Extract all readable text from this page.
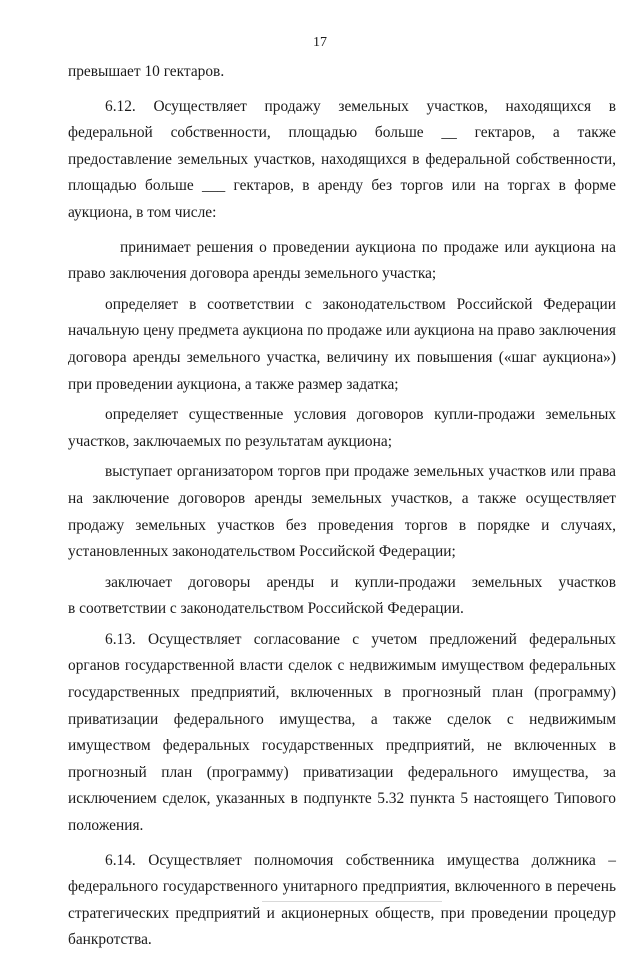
17

превышает 10 гектаров.

6.12. Осуществляет продажу земельных участков, находящихся в федеральной собственности, площадью больше __ гектаров, а также предоставление земельных участков, находящихся в федеральной собственности, площадью больше ___ гектаров, в аренду без торгов или на торгах в форме аукциона, в том числе:

принимает решения о проведении аукциона по продаже или аукциона на право заключения договора аренды земельного участка;

определяет в соответствии с законодательством Российской Федерации начальную цену предмета аукциона по продаже или аукциона на право заключения договора аренды земельного участка, величину их повышения («шаг аукциона») при проведении аукциона, а также размер задатка;

определяет существенные условия договоров купли-продажи земельных участков, заключаемых по результатам аукциона;

выступает организатором торгов при продаже земельных участков или права на заключение договоров аренды земельных участков, а также осуществляет продажу земельных участков без проведения торгов в порядке и случаях, установленных законодательством Российской Федерации;

заключает договоры аренды и купли-продажи земельных участков

в соответствии с законодательством Российской Федерации.

6.13. Осуществляет согласование с учетом предложений федеральных органов государственной власти сделок с недвижимым имуществом федеральных государственных предприятий, включенных в прогнозный план (программу) приватизации федерального имущества, а также сделок с недвижимым имуществом федеральных государственных предприятий, не включенных в прогнозный план (программу) приватизации федерального имущества, за исключением сделок, указанных в подпункте 5.32 пункта 5 настоящего Типового положения.

6.14. Осуществляет полномочия собственника имущества должника – федерального государственного унитарного предприятия, включенного в перечень стратегических предприятий и акционерных обществ, при проведении процедур банкротства.
